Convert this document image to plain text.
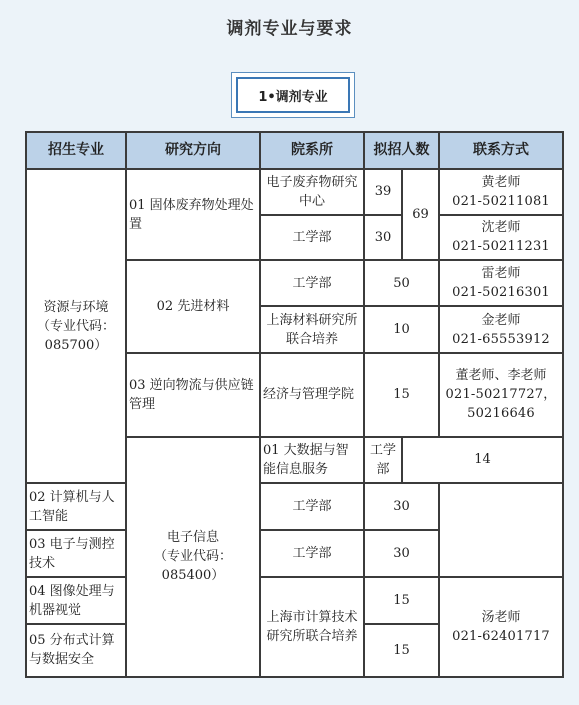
调剂专业与要求
1•调剂专业
招生专业	研究方向	院系所	拟招人数		联系方式	
资源与环境
（专业代码：
085700）	01 固体废弃物处理处置	电子废弃物研究中心	39	69	黄老师
021-50211081	
		工学部	30		沈老师
021-50211231	
	02 先进材料	工学部	50		雷老师
021-50216301	
		上海材料研究所联合培养	10		金老师
021-65553912	
	03 逆向物流与供应链管理	经济与管理学院	15		董老师、李老师
021-50217727，
50216646	
	电子信息
（专业代码：
085400）	01 大数据与智能信息服务	工学部	14	

02 计算机与人工智能		工学部	30			
03 电子与测控技术		工学部	30			
04 图像处理与机器视觉		上海市计算技术研究所联合培养	15		汤老师
021-62401717	
05 分布式计算与数据安全			15			
